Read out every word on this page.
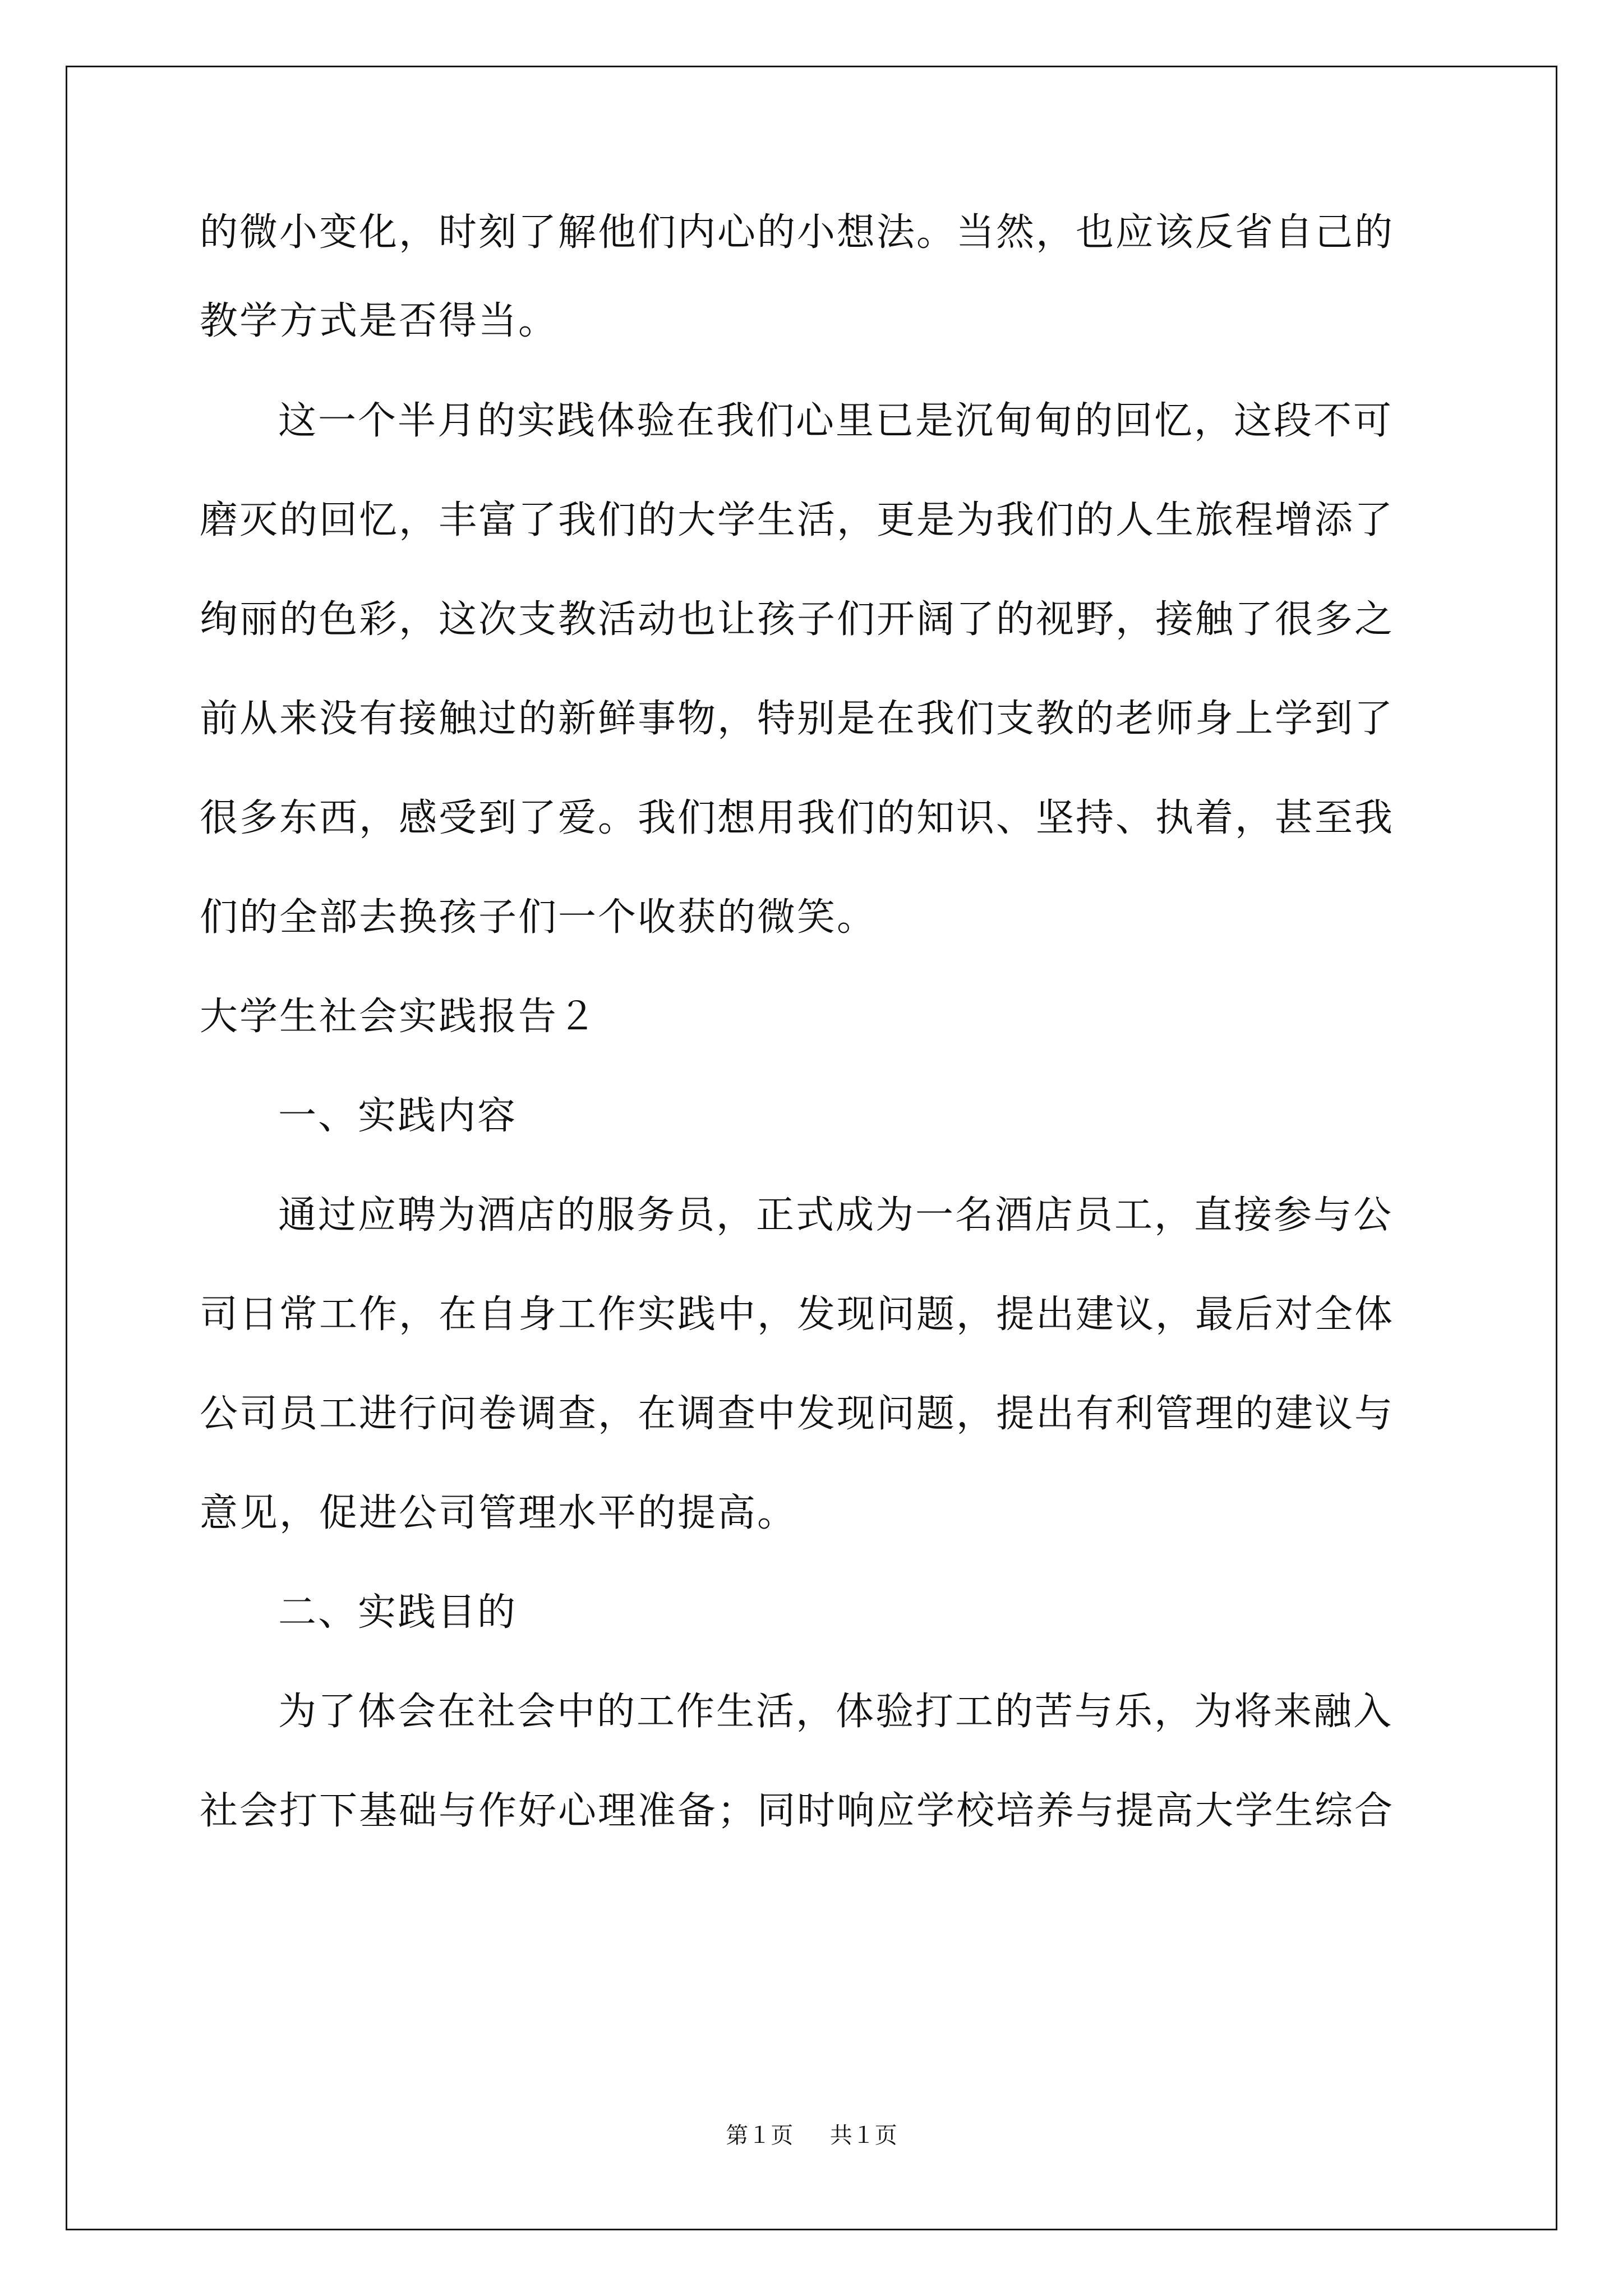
的微小变化，时刻了解他们内心的小想法。当然，也应该反省自己的
教学方式是否得当。
这一个半月的实践体验在我们心里已是沉甸甸的回忆，这段不可
磨灭的回忆，丰富了我们的大学生活，更是为我们的人生旅程增添了
绚丽的色彩，这次支教活动也让孩子们开阔了的视野，接触了很多之
前从来没有接触过的新鲜事物，特别是在我们支教的老师身上学到了
很多东西，感受到了爱。我们想用我们的知识、坚持、执着，甚至我
们的全部去换孩子们一个收获的微笑。
大学生社会实践报告２
一、实践内容
通过应聘为酒店的服务员，正式成为一名酒店员工，直接参与公
司日常工作，在自身工作实践中，发现问题，提出建议，最后对全体
公司员工进行问卷调查，在调查中发现问题，提出有利管理的建议与
意见，促进公司管理水平的提高。
二、实践目的
为了体会在社会中的工作生活，体验打工的苦与乐，为将来融入
社会打下基础与作好心理准备；同时响应学校培养与提高大学生综合
第１页 共１页
